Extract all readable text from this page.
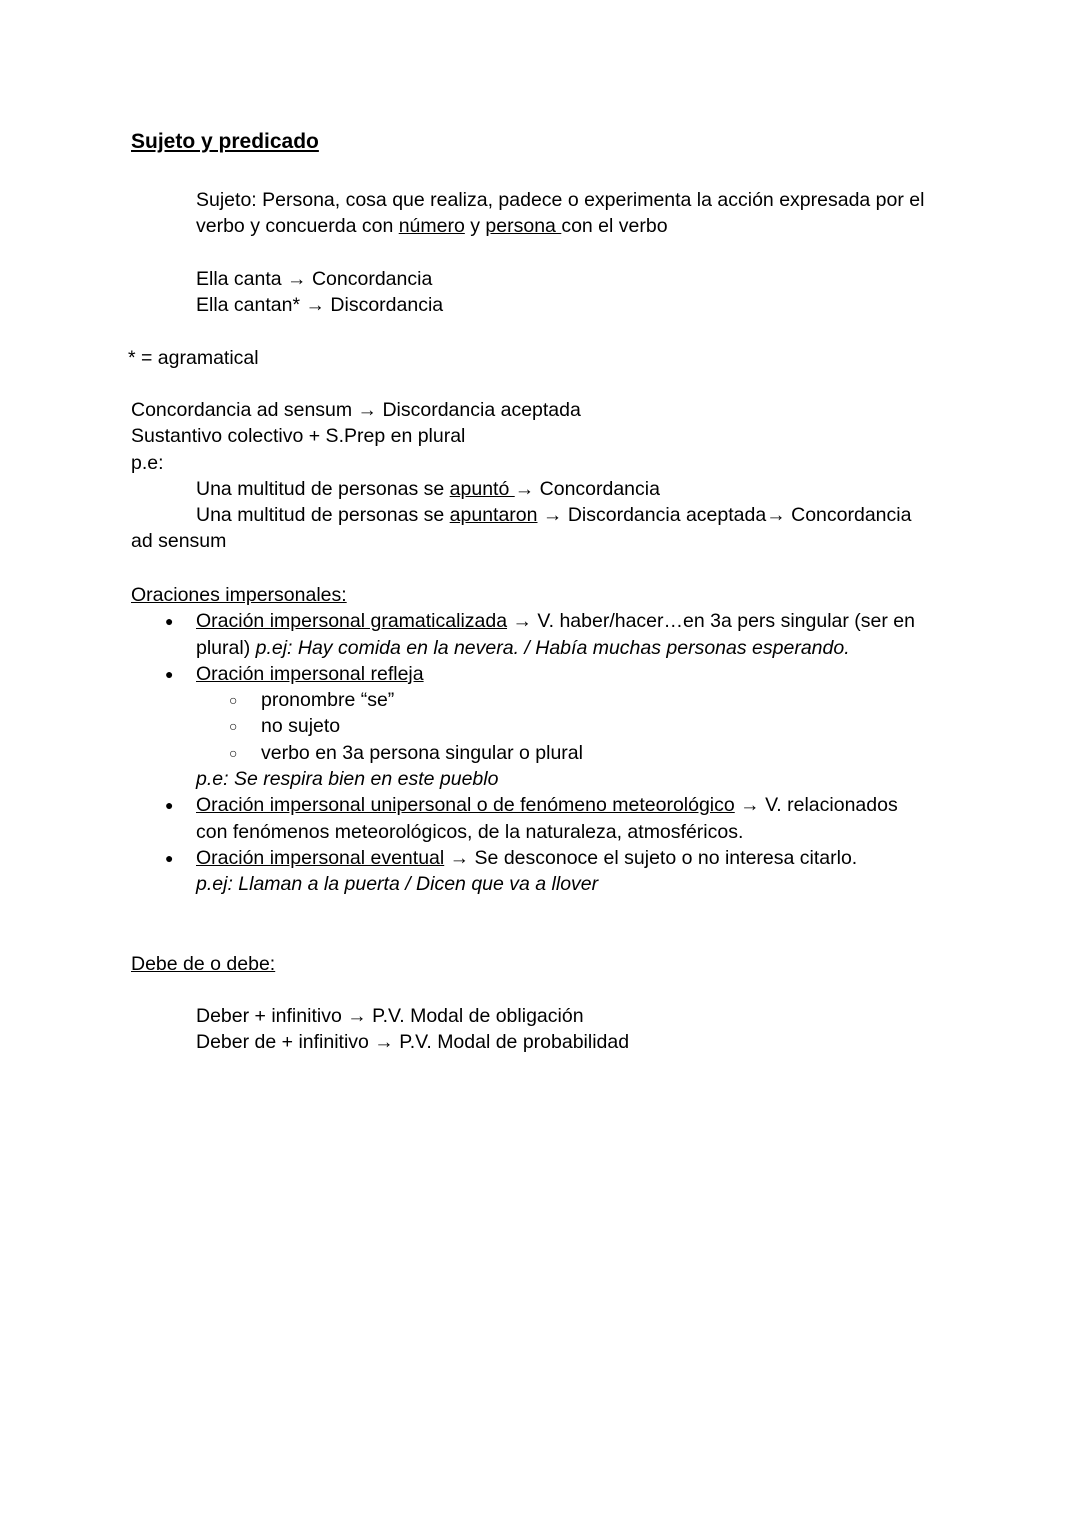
Sujeto y predicado
Sujeto: Persona, cosa que realiza, padece o experimenta la acción expresada por el
verbo y concuerda con número y persona con el verbo
Ella canta → Concordancia
Ella cantan* → Discordancia
* = agramatical
Concordancia ad sensum → Discordancia aceptada
Sustantivo colectivo + S.Prep en plural
p.e:
Una multitud de personas se apuntó → Concordancia
Una multitud de personas se apuntaron → Discordancia aceptada→ Concordancia
ad sensum
Oraciones impersonales:
● Oración impersonal gramaticalizada → V. haber/hacer…en 3a pers singular (ser en
plural) p.ej: Hay comida en la nevera. / Había muchas personas esperando.
● Oración impersonal refleja
○ pronombre “se”
○ no sujeto
○ verbo en 3a persona singular o plural
p.e: Se respira bien en este pueblo
● Oración impersonal unipersonal o de fenómeno meteorológico → V. relacionados
con fenómenos meteorológicos, de la naturaleza, atmosféricos.
● Oración impersonal eventual → Se desconoce el sujeto o no interesa citarlo.
p.ej: Llaman a la puerta / Dicen que va a llover
Debe de o debe:
Deber + infinitivo → P.V. Modal de obligación
Deber de + infinitivo → P.V. Modal de probabilidad
